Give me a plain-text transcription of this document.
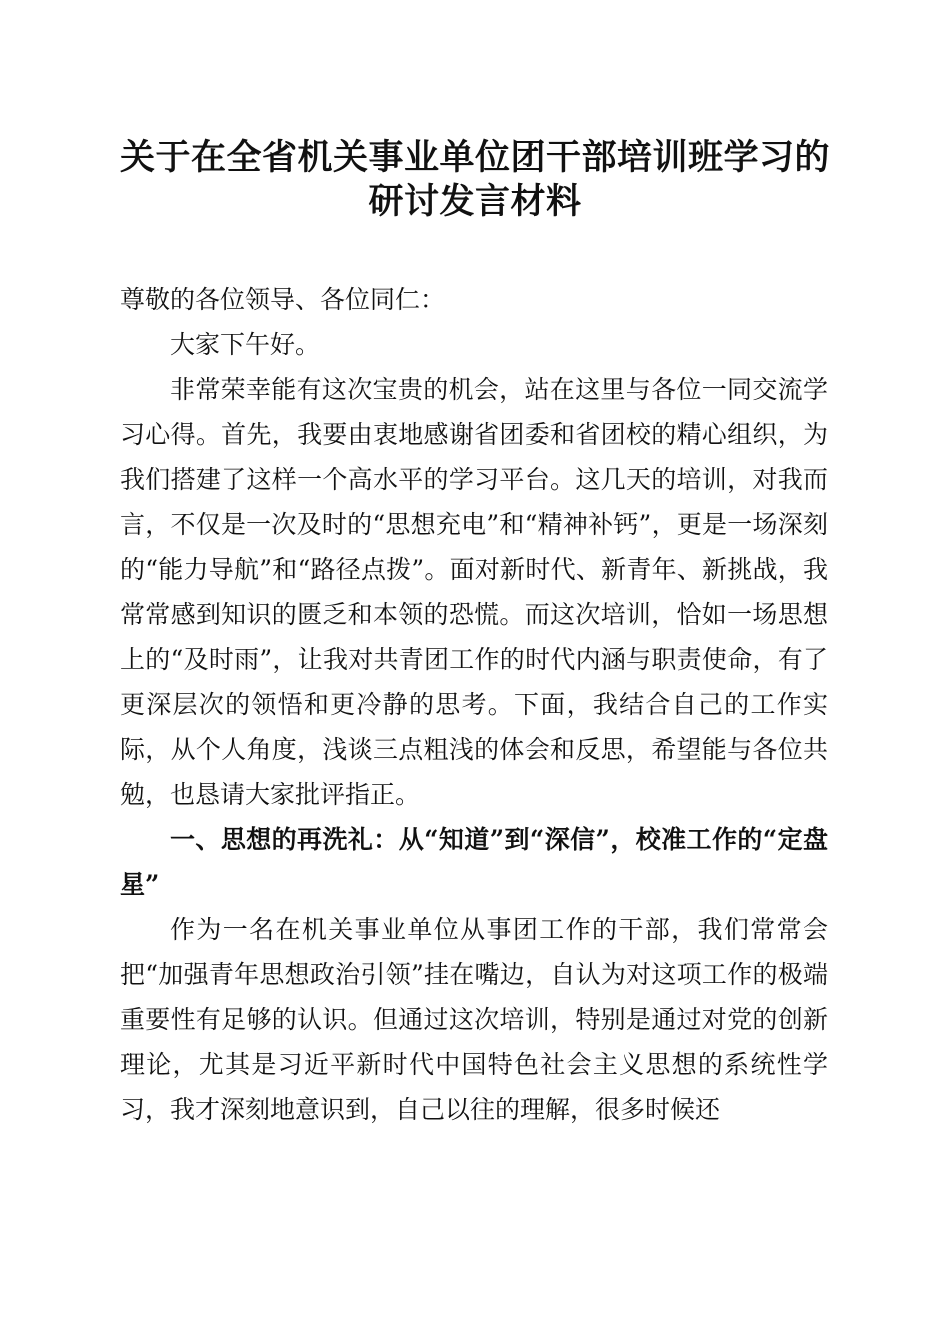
关于在全省机关事业单位团干部培训班学习的
研讨发言材料

尊敬的各位领导、各位同仁：

大家下午好。

非常荣幸能有这次宝贵的机会，站在这里与各位一同交流学习心得。首先，我要由衷地感谢省团委和省团校的精心组织，为我们搭建了这样一个高水平的学习平台。这几天的培训，对我而言，不仅是一次及时的“思想充电”和“精神补钙”，更是一场深刻的“能力导航”和“路径点拨”。面对新时代、新青年、新挑战，我常常感到知识的匮乏和本领的恐慌。而这次培训，恰如一场思想上的“及时雨”，让我对共青团工作的时代内涵与职责使命，有了更深层次的领悟和更冷静的思考。下面，我结合自己的工作实际，从个人角度，浅谈三点粗浅的体会和反思，希望能与各位共勉，也恳请大家批评指正。

一、思想的再洗礼：从“知道”到“深信”，校准工作的“定盘星”

作为一名在机关事业单位从事团工作的干部，我们常常会把“加强青年思想政治引领”挂在嘴边，自认为对这项工作的极端重要性有足够的认识。但通过这次培训，特别是通过对党的创新理论，尤其是习近平新时代中国特色社会主义思想的系统性学习，我才深刻地意识到，自己以往的理解，很多时候还
